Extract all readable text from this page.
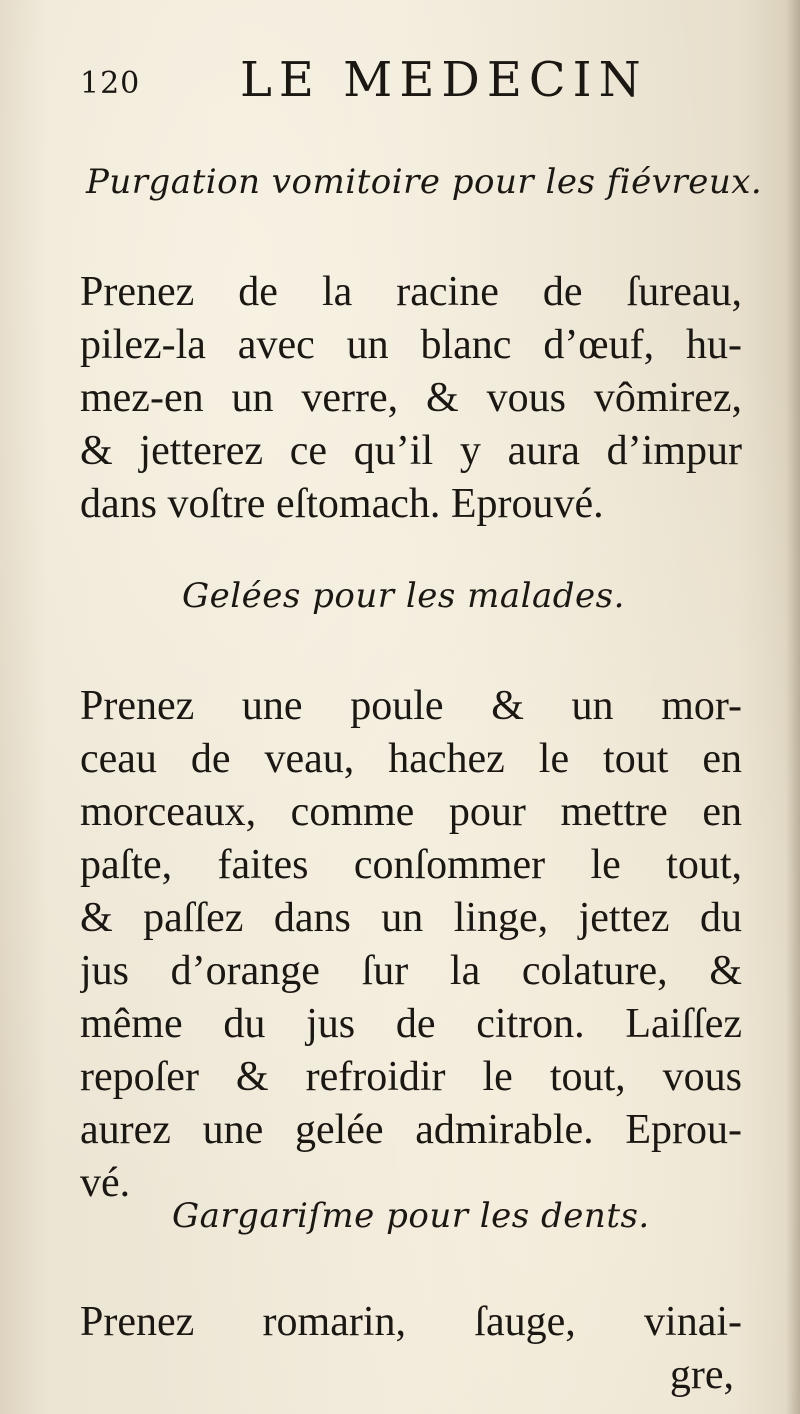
120 LE MEDECIN
Purgation vomitoire pour les fiévreux.
Prenez de la racine de ſureau,
pilez-la avec un blanc d’œuf, hu-
mez-en un verre, & vous vômirez,
& jetterez ce qu’il y aura d’impur
dans voſtre eſtomach. Eprouvé.
Gelées pour les malades.
Prenez une poule & un mor-
ceau de veau, hachez le tout en
morceaux, comme pour mettre en
paſte, faites conſommer le tout,
& paſſez dans un linge, jettez du
jus d’orange ſur la colature, &
même du jus de citron. Laiſſez
repoſer & refroidir le tout, vous
aurez une gelée admirable. Eprou-
vé.
Gargariſme pour les dents.
Prenez romarin, ſauge, vinai-
gre,
